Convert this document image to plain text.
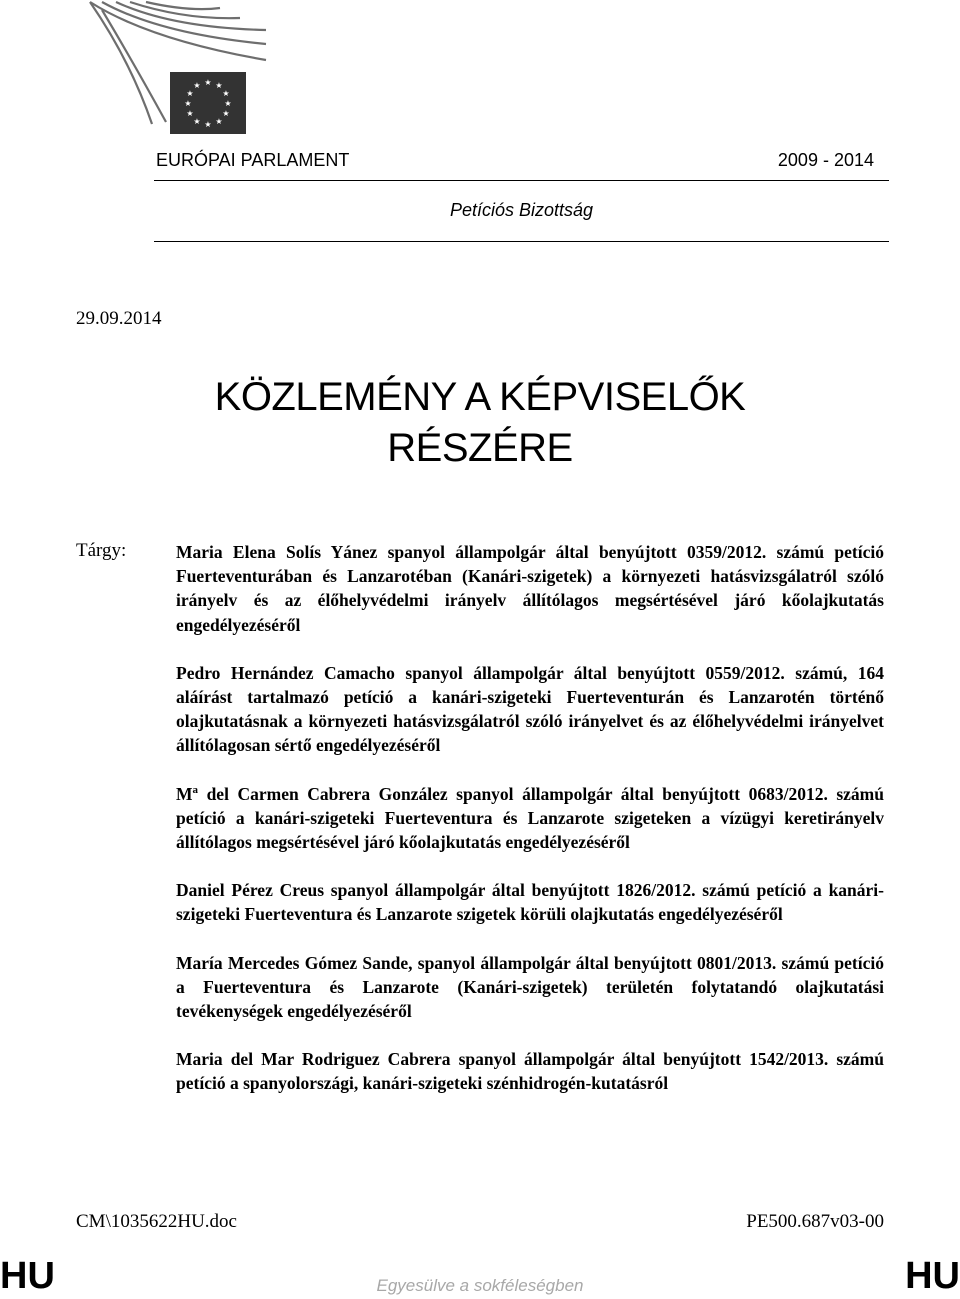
★ ★
★
★
★
★
★
★
★
★
★
★
EURÓPAI PARLAMENT	2009 - 2014
Petíciós Bizottság
29.09.2014
KÖZLEMÉNY A KÉPVISELŐK
RÉSZÉRE
Tárgy:	Maria Elena Solís Yánez spanyol állampolgár által benyújtott 0359/2012. számú petíció Fuerteventurában és Lanzarotéban (Kanári-szigetek) a környezeti hatásvizsgálatról szóló irányelv és az élőhelyvédelmi irányelv állítólagos megsértésével járó kőolajkutatás engedélyezéséről

Pedro Hernández Camacho spanyol állampolgár által benyújtott 0559/2012. számú, 164 aláírást tartalmazó petíció a kanári-szigeteki Fuerteventurán és Lanzarotén történő olajkutatásnak a környezeti hatásvizsgálatról szóló irányelvet és az élőhelyvédelmi irányelvet állítólagosan sértő engedélyezéséről

$M^a$ del Carmen Cabrera González spanyol állampolgár által benyújtott 0683/2012. számú petíció a kanári-szigeteki Fuerteventura és Lanzarote szigeteken a vízügyi keretirányelv állítólagos megsértésével járó kőolajkutatás engedélyezéséről

Daniel Pérez Creus spanyol állampolgár által benyújtott 1826/2012. számú petíció a kanári-szigeteki Fuerteventura és Lanzarote szigetek körüli olajkutatás engedélyezéséről

María Mercedes Gómez Sande, spanyol állampolgár által benyújtott 0801/2013. számú petíció a Fuerteventura és Lanzarote (Kanári-szigetek) területén folytatandó olajkutatási tevékenységek engedélyezéséről

Maria del Mar Rodriguez Cabrera spanyol állampolgár által benyújtott 1542/2013. számú petíció a spanyolországi, kanári-szigeteki szénhidrogén-kutatásról

CM\1035622HU.doc	PE500.687v03-00
HU	HU
Egyesülve a sokféleségben
